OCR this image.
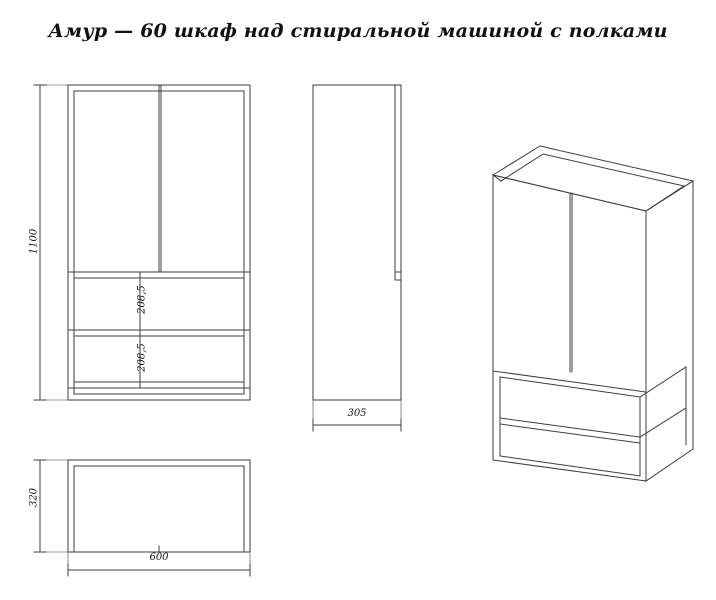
Амур — 60 шкаф над стиральной машиной с полками
1100
208,5
208,5
305
320
600
